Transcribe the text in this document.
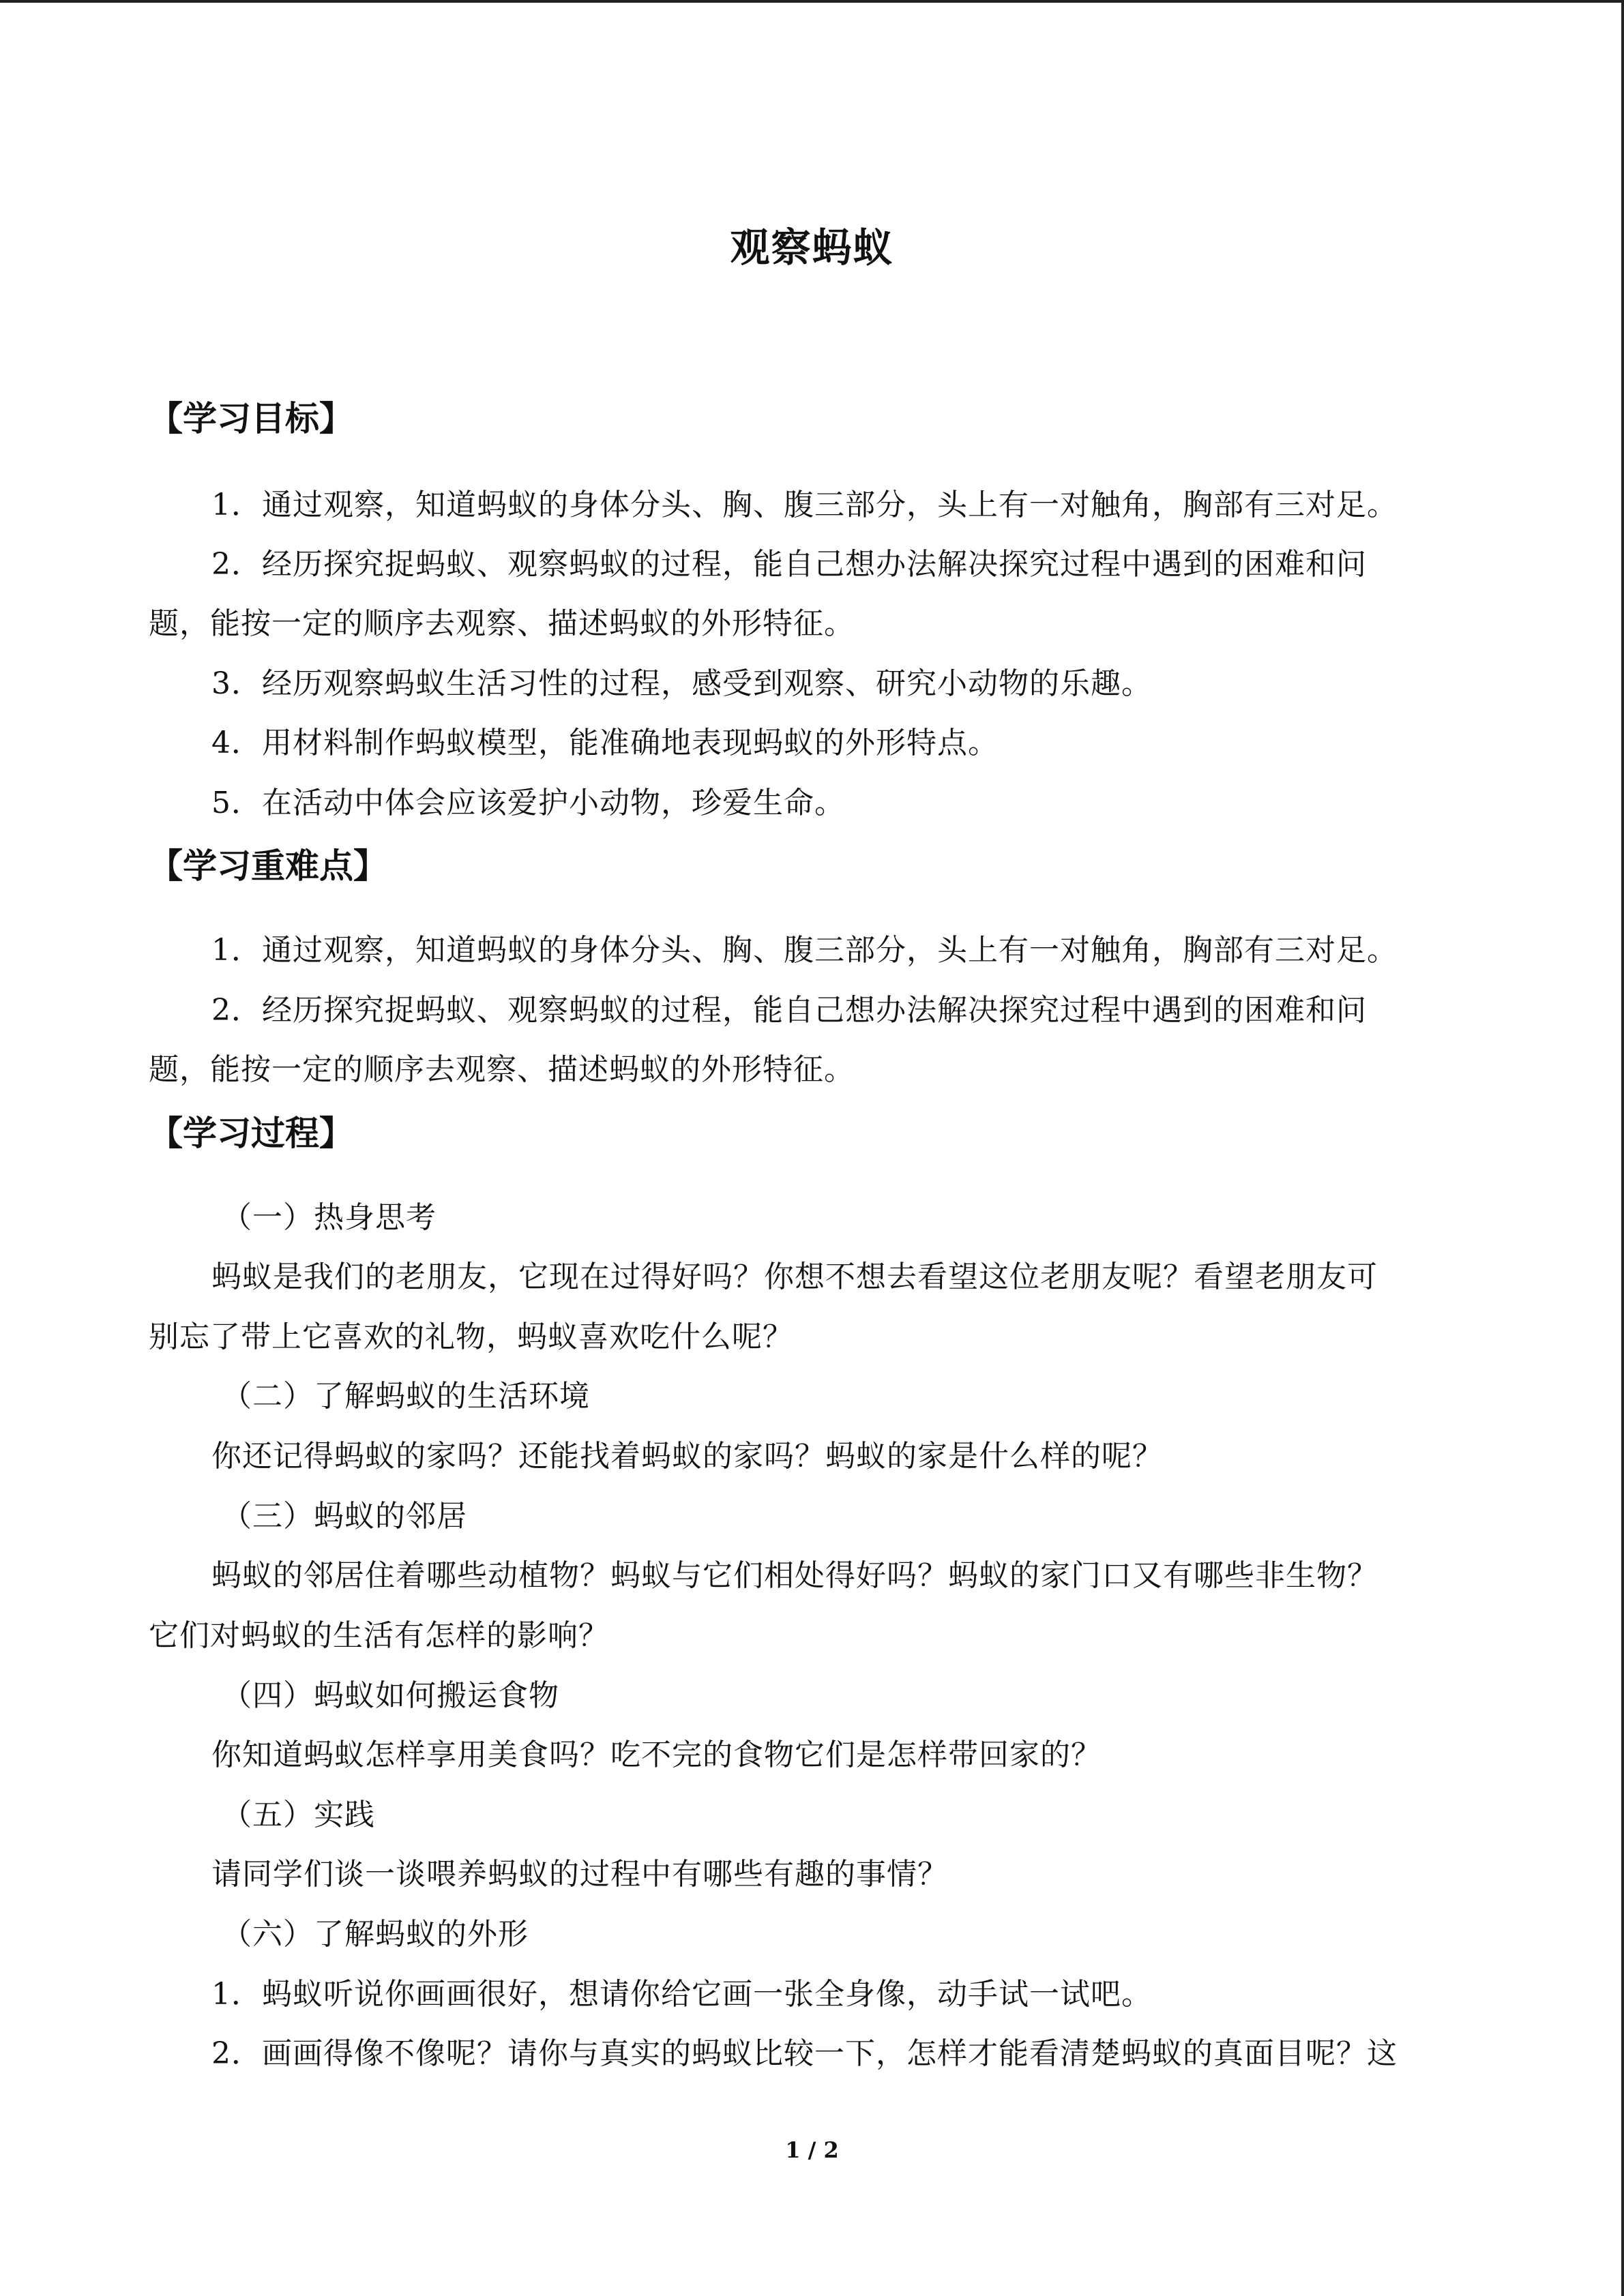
观察蚂蚁
【学习目标】
1．通过观察，知道蚂蚁的身体分头、胸、腹三部分，头上有一对触角，胸部有三对足。
2．经历探究捉蚂蚁、观察蚂蚁的过程，能自己想办法解决探究过程中遇到的困难和问
题，能按一定的顺序去观察、描述蚂蚁的外形特征。
3．经历观察蚂蚁生活习性的过程，感受到观察、研究小动物的乐趣。
4．用材料制作蚂蚁模型，能准确地表现蚂蚁的外形特点。
5．在活动中体会应该爱护小动物，珍爱生命。
【学习重难点】
1．通过观察，知道蚂蚁的身体分头、胸、腹三部分，头上有一对触角，胸部有三对足。
2．经历探究捉蚂蚁、观察蚂蚁的过程，能自己想办法解决探究过程中遇到的困难和问
题，能按一定的顺序去观察、描述蚂蚁的外形特征。
【学习过程】
（一）热身思考
蚂蚁是我们的老朋友，它现在过得好吗？你想不想去看望这位老朋友呢？看望老朋友可
别忘了带上它喜欢的礼物，蚂蚁喜欢吃什么呢？
（二）了解蚂蚁的生活环境
你还记得蚂蚁的家吗？还能找着蚂蚁的家吗？蚂蚁的家是什么样的呢？
（三）蚂蚁的邻居
蚂蚁的邻居住着哪些动植物？蚂蚁与它们相处得好吗？蚂蚁的家门口又有哪些非生物？
它们对蚂蚁的生活有怎样的影响？
（四）蚂蚁如何搬运食物
你知道蚂蚁怎样享用美食吗？吃不完的食物它们是怎样带回家的？
（五）实践
请同学们谈一谈喂养蚂蚁的过程中有哪些有趣的事情？
（六）了解蚂蚁的外形
1．蚂蚁听说你画画很好，想请你给它画一张全身像，动手试一试吧。
2．画画得像不像呢？请你与真实的蚂蚁比较一下，怎样才能看清楚蚂蚁的真面目呢？这
1 / 2
